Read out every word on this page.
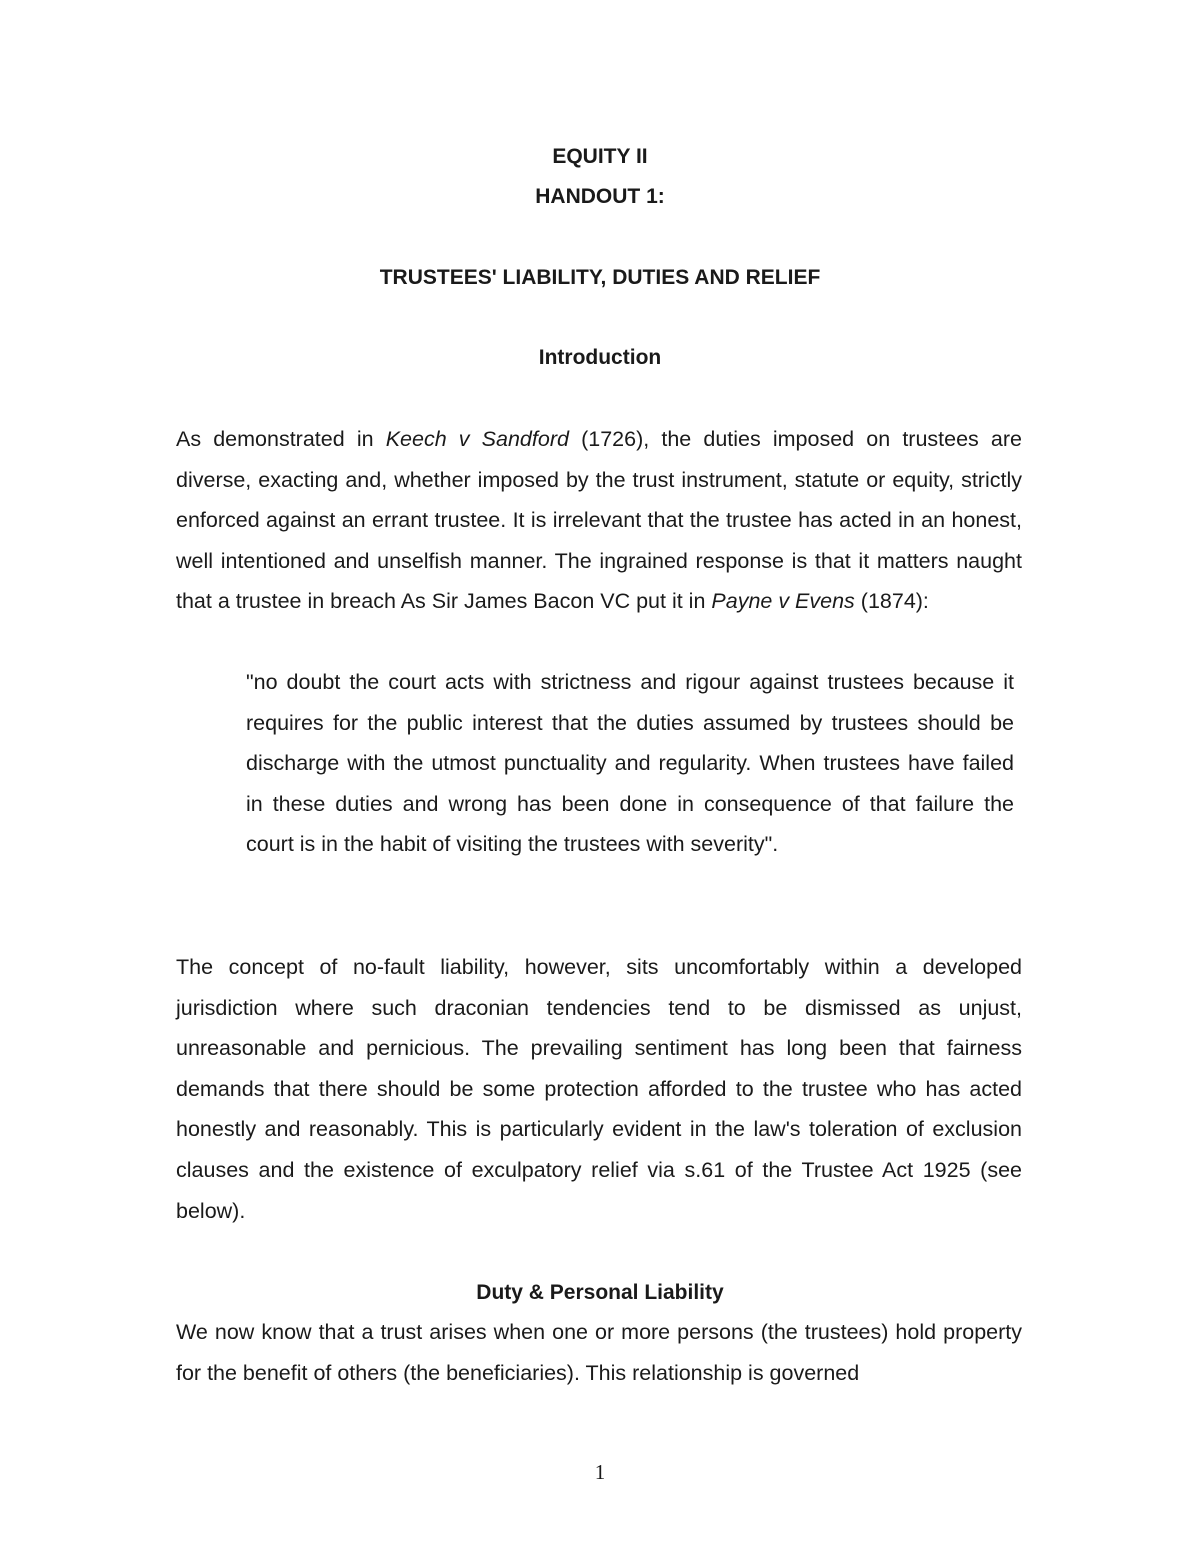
EQUITY II

HANDOUT 1:

TRUSTEES' LIABILITY, DUTIES AND RELIEF

Introduction

As demonstrated in Keech v Sandford (1726), the duties imposed on trustees are diverse, exacting and, whether imposed by the trust instrument, statute or equity, strictly enforced against an errant trustee. It is irrelevant that the trustee has acted in an honest, well intentioned and unselfish manner. The ingrained response is that it matters naught that a trustee in breach As Sir James Bacon VC put it in Payne v Evens (1874):

"no doubt the court acts with strictness and rigour against trustees because it requires for the public interest that the duties assumed by trustees should be discharge with the utmost punctuality and regularity. When trustees have failed in these duties and wrong has been done in consequence of that failure the court is in the habit of visiting the trustees with severity".

The concept of no-fault liability, however, sits uncomfortably within a developed jurisdiction where such draconian tendencies tend to be dismissed as unjust, unreasonable and pernicious. The prevailing sentiment has long been that fairness demands that there should be some protection afforded to the trustee who has acted honestly and reasonably. This is particularly evident in the law's toleration of exclusion clauses and the existence of exculpatory relief via s.61 of the Trustee Act 1925 (see below).

Duty & Personal Liability

We now know that a trust arises when one or more persons (the trustees) hold property for the benefit of others (the beneficiaries). This relationship is governed

1
